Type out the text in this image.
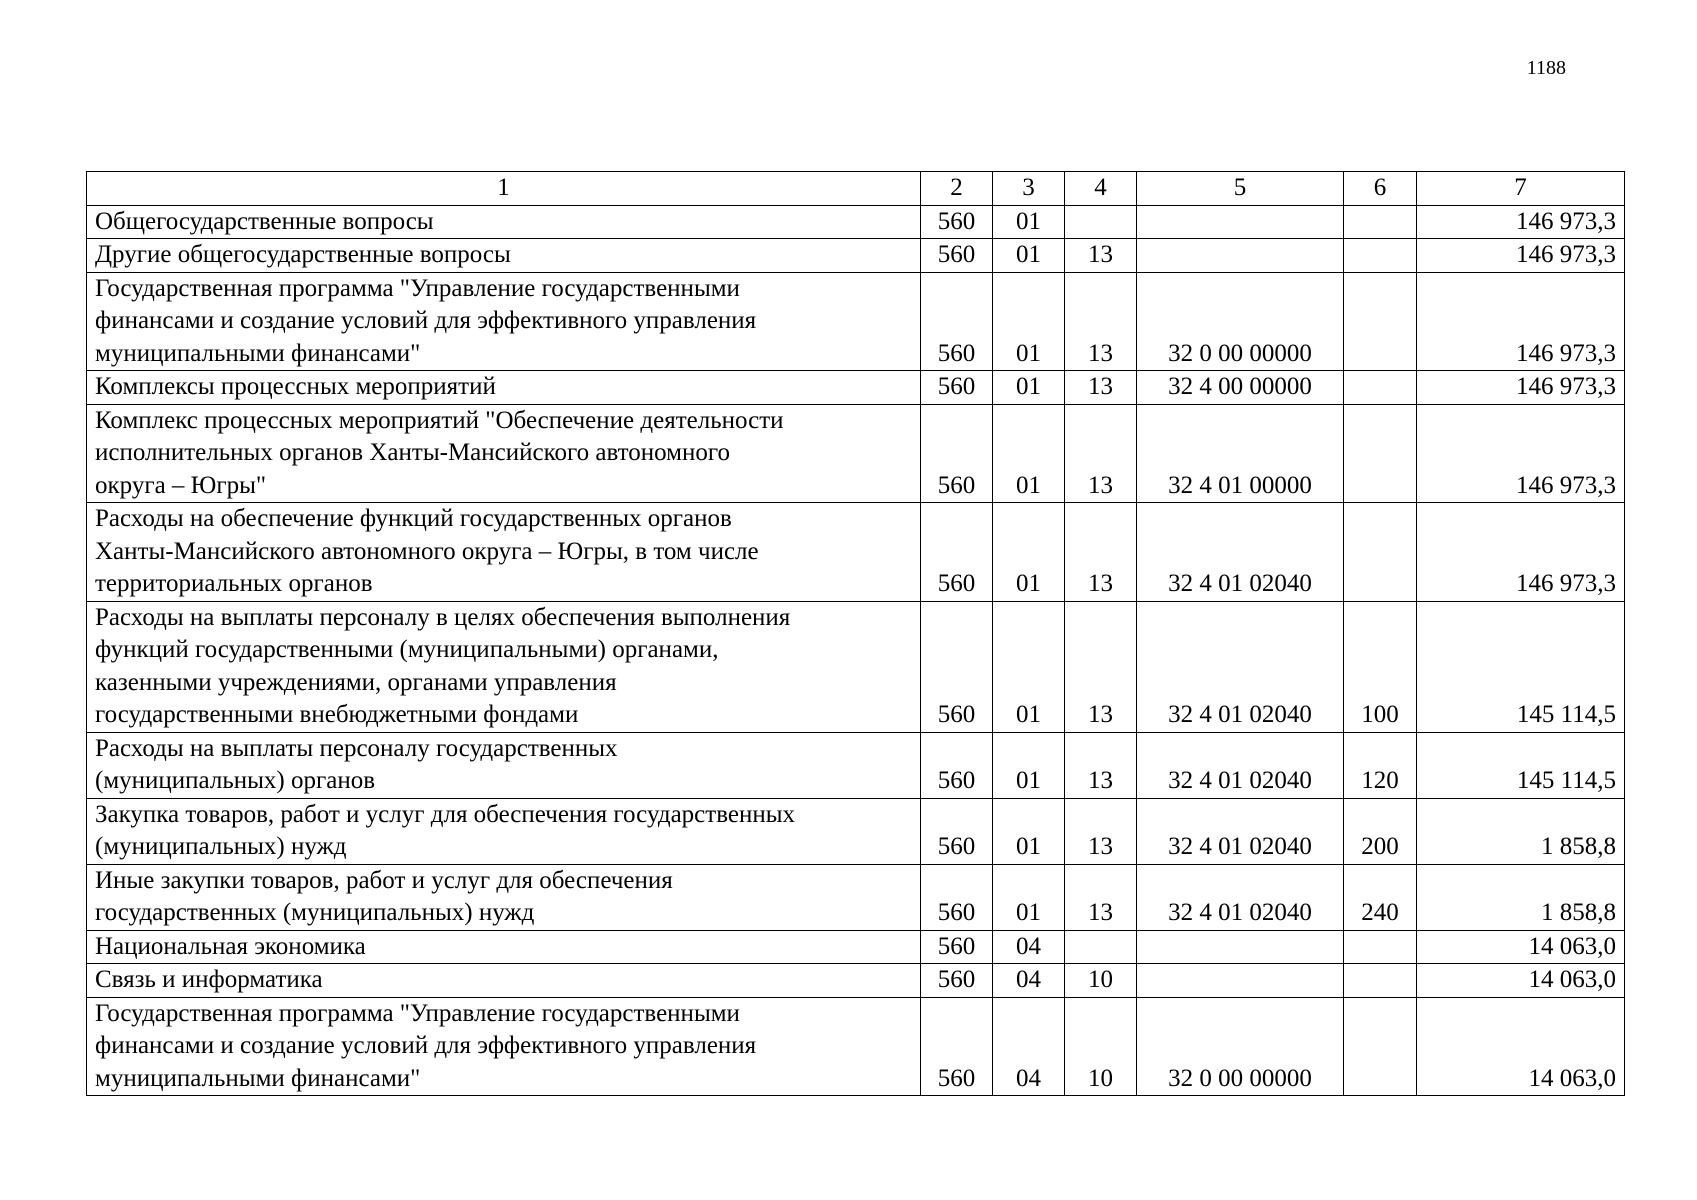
1188
1	2	3	4	5	6	7
Общегосударственные вопросы	560	01				146 973,3
Другие общегосударственные вопросы	560	01	13			146 973,3
Государственная программа "Управление государственными
финансами и создание условий для эффективного управления
муниципальными финансами"	560	01	13	32 0 00 00000		146 973,3
Комплексы процессных мероприятий	560	01	13	32 4 00 00000		146 973,3
Комплекс процессных мероприятий "Обеспечение деятельности
исполнительных органов Ханты-Мансийского автономного
округа – Югры"	560	01	13	32 4 01 00000		146 973,3
Расходы на обеспечение функций государственных органов
Ханты-Мансийского автономного округа – Югры, в том числе
территориальных органов	560	01	13	32 4 01 02040		146 973,3
Расходы на выплаты персоналу в целях обеспечения выполнения
функций государственными (муниципальными) органами,
казенными учреждениями, органами управления
государственными внебюджетными фондами	560	01	13	32 4 01 02040	100	145 114,5
Расходы на выплаты персоналу государственных
(муниципальных) органов	560	01	13	32 4 01 02040	120	145 114,5
Закупка товаров, работ и услуг для обеспечения государственных
(муниципальных) нужд	560	01	13	32 4 01 02040	200	1 858,8
Иные закупки товаров, работ и услуг для обеспечения
государственных (муниципальных) нужд	560	01	13	32 4 01 02040	240	1 858,8
Национальная экономика	560	04				14 063,0
Связь и информатика	560	04	10			14 063,0
Государственная программа "Управление государственными
финансами и создание условий для эффективного управления
муниципальными финансами"	560	04	10	32 0 00 00000		14 063,0
